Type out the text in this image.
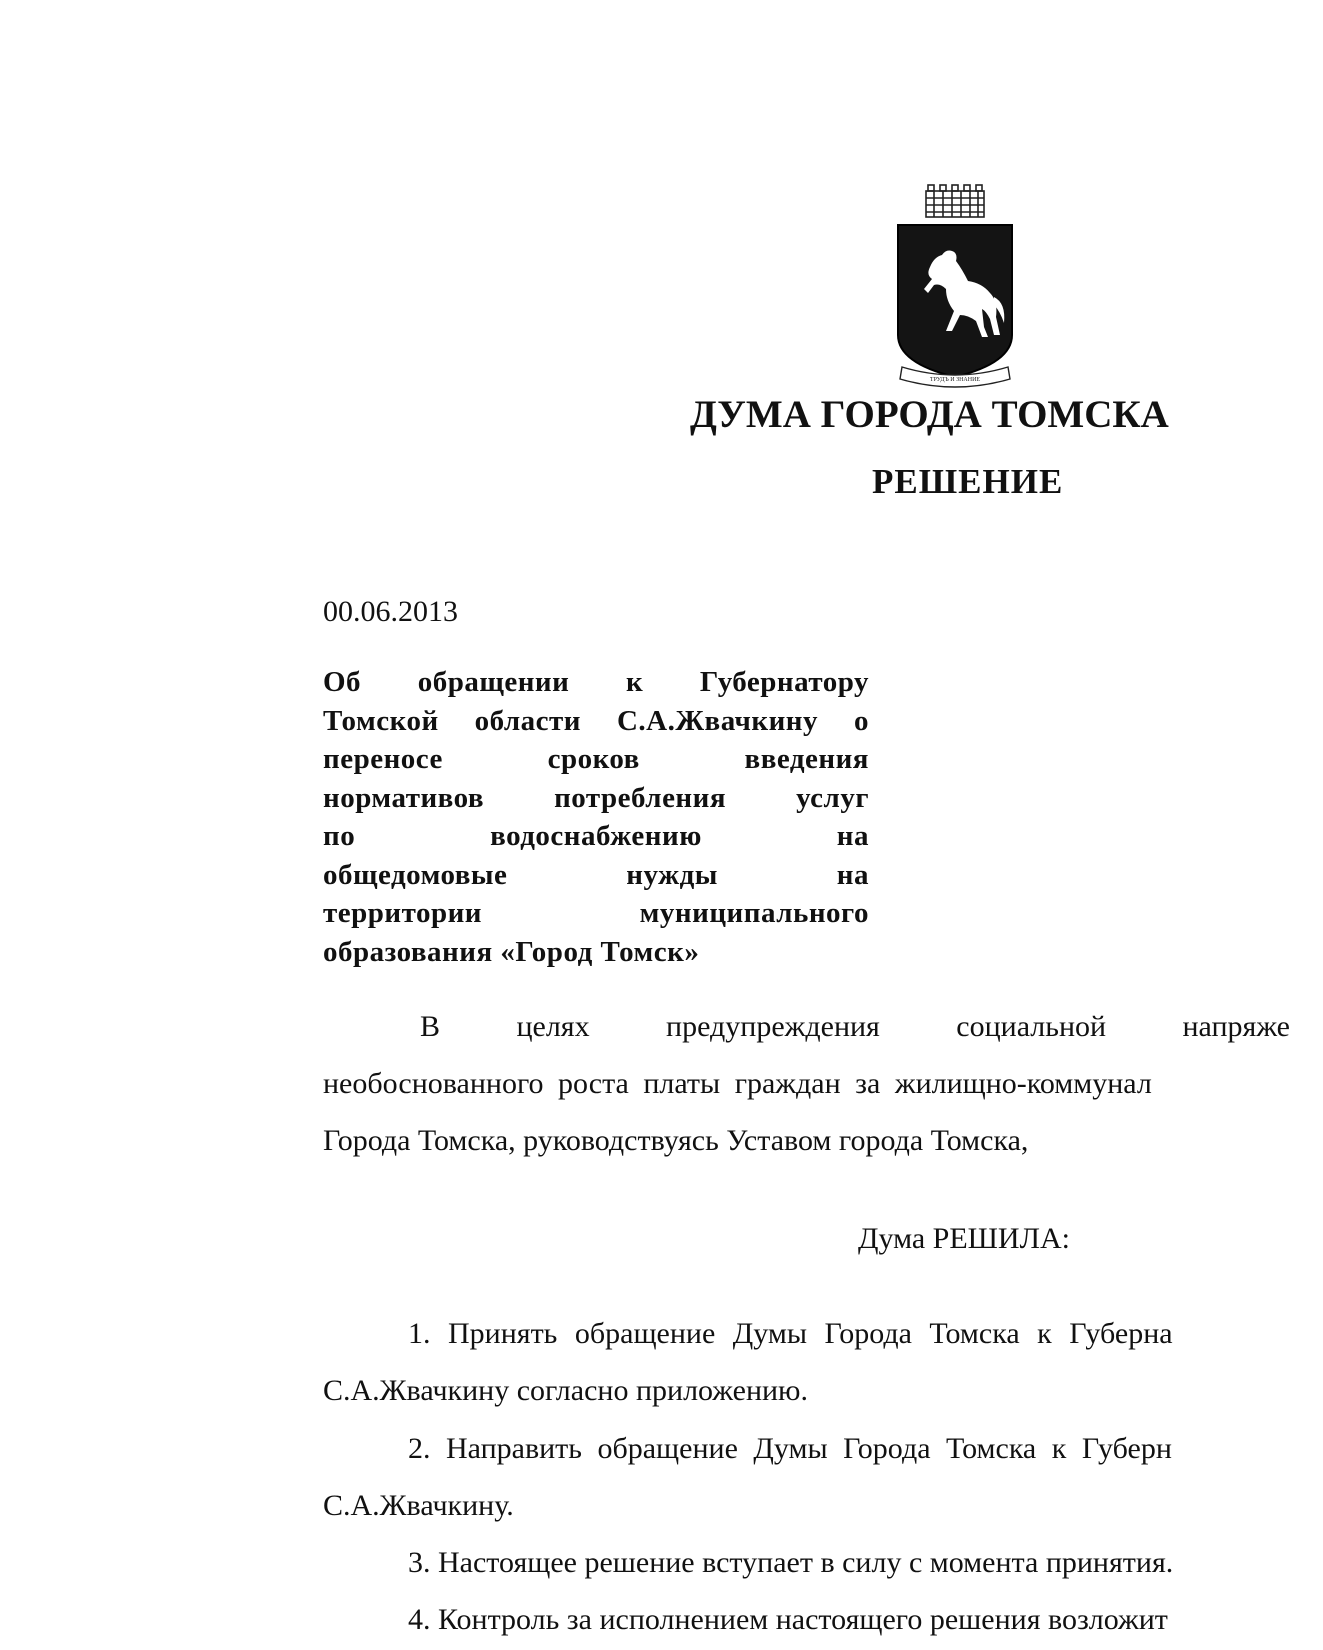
ТРУДЪ И ЗНАНИЕ
ДУМА ГОРОДА ТОМСКА
РЕШЕНИЕ
00.06.2013
Об обращении к Губернатору
Томской области С.А.Жвачкину о
переносе сроков введения
нормативов потребления услуг
по водоснабжению на
общедомовые нужды на
территории муниципального
образования «Город Томск»
В	целях	предупреждения	социальной	напряже
необоснованного роста платы граждан за жилищно-коммунал
Города Томска, руководствуясь Уставом города Томска,
Дума РЕШИЛА:
1. Принять обращение Думы Города Томска к Губерна
С.А.Жвачкину согласно приложению.
2. Направить обращение Думы Города Томска к Губерн
С.А.Жвачкину.
3. Настоящее решение вступает в силу с момента принятия.
4. Контроль за исполнением настоящего решения возложит
